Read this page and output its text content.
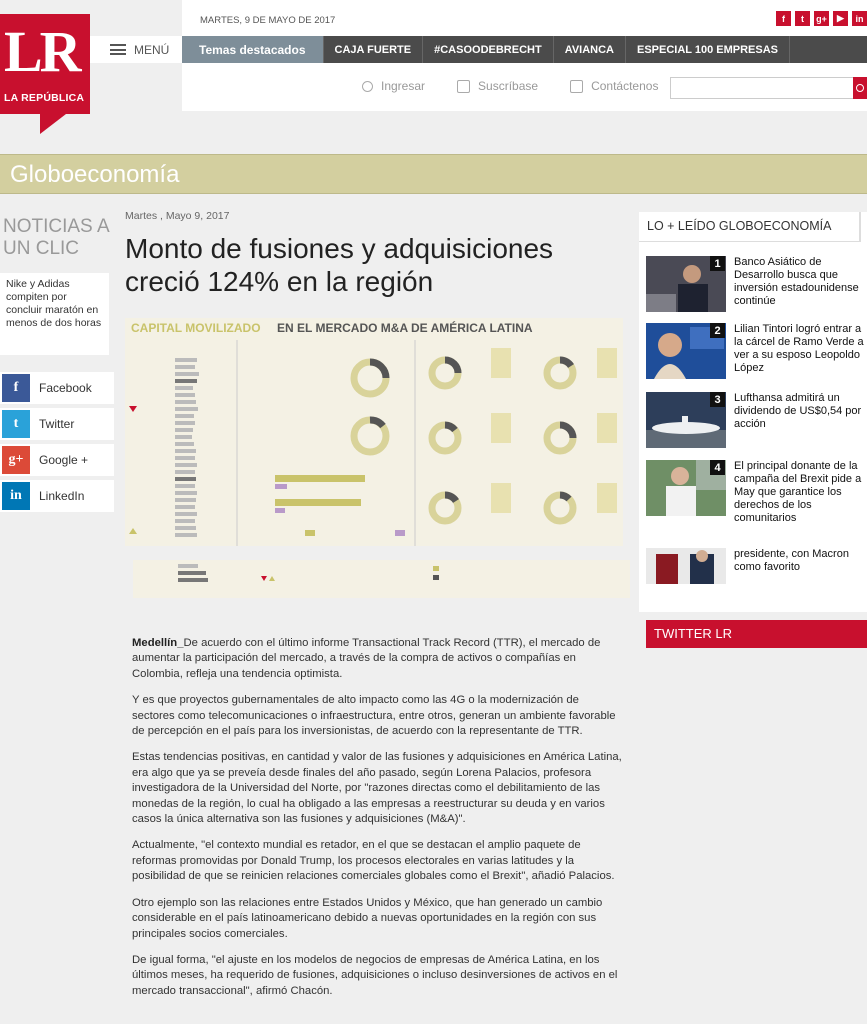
LR
LA REPÚBLICA
MARTES, 9 DE MAYO DE 2017	f	t	g+	▶	in
MENÚ	Temas destacados	CAJA FUERTE	#CASOODEBRECHT	AVIANCA	ESPECIAL 100 EMPRESAS
Ingresar	Suscríbase	Contáctenos
Globoeconomía
NOTICIAS A UN CLIC
Nike y Adidas compiten por concluir maratón en menos de dos horas
f	Facebook
t	Twitter
g+	Google +
in	LinkedIn
Martes , Mayo 9, 2017
Monto de fusiones y adquisiciones creció 124% en la región
CAPITAL MOVILIZADO EN EL MERCADO M&A DE AMÉRICA LATINA

Medellín_De acuerdo con el último informe Transactional Track Record (TTR), el mercado de aumentar la participación del mercado, a través de la compra de activos o compañías en Colombia, refleja una tendencia optimista.

Y es que proyectos gubernamentales de alto impacto como las 4G o la modernización de sectores como telecomunicaciones o infraestructura, entre otros, generan un ambiente favorable de percepción en el país para los inversionistas, de acuerdo con la representante de TTR.

Estas tendencias positivas, en cantidad y valor de las fusiones y adquisiciones en América Latina, era algo que ya se preveía desde finales del año pasado, según Lorena Palacios, profesora investigadora de la Universidad del Norte, por "razones directas como el debilitamiento de las monedas de la región, lo cual ha obligado a las empresas a reestructurar su deuda y en varios casos la única alternativa son las fusiones y adquisiciones (M&A)".

Actualmente, "el contexto mundial es retador, en el que se destacan el amplio paquete de reformas promovidas por Donald Trump, los procesos electorales en varias latitudes y la posibilidad de que se reinicien relaciones comerciales globales como el Brexit", añadió Palacios.

Otro ejemplo son las relaciones entre Estados Unidos y México, que han generado un cambio considerable en el país latinoamericano debido a nuevas oportunidades en la región con sus principales socios comerciales.

De igual forma, "el ajuste en los modelos de negocios de empresas de América Latina, en los últimos meses, ha requerido de fusiones, adquisiciones o incluso desinversiones de activos en el mercado transaccional", afirmó Chacón.

LO + LEÍDO GLOBOECONOMÍA
1	Banco Asiático de Desarrollo busca que inversión estadounidense continúe
2	Lilian Tintori logró entrar a la cárcel de Ramo Verde a ver a su esposo Leopoldo López
3	Lufthansa admitirá un dividendo de US$0,54 por acción
4	El principal donante de la campaña del Brexit pide a May que garantice los derechos de los comunitarios
presidente, con Macron como favorito
TWITTER LR
